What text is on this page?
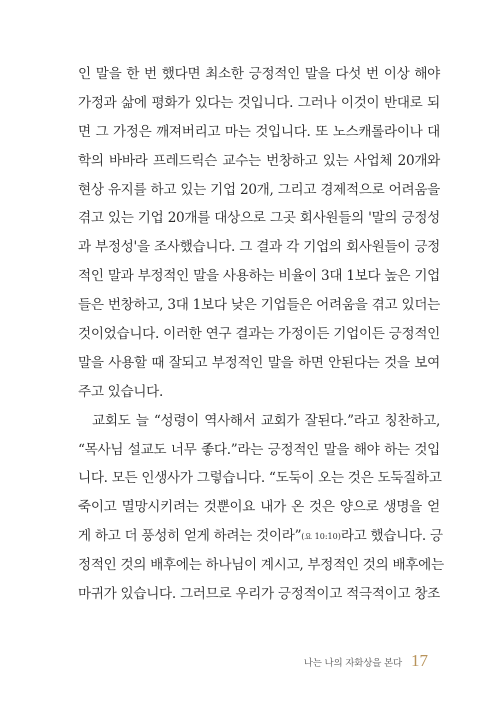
인 말을 한 번 했다면 최소한 긍정적인 말을 다섯 번 이상 해야
가정과 삶에 평화가 있다는 것입니다. 그러나 이것이 반대로 되
면 그 가정은 깨져버리고 마는 것입니다. 또 노스캐롤라이나 대
학의 바바라 프레드릭슨 교수는 번창하고 있는 사업체 20개와
현상 유지를 하고 있는 기업 20개, 그리고 경제적으로 어려움을
겪고 있는 기업 20개를 대상으로 그곳 회사원들의 '말의 긍정성
과 부정성'을 조사했습니다. 그 결과 각 기업의 회사원들이 긍정
적인 말과 부정적인 말을 사용하는 비율이 3대 1보다 높은 기업
들은 번창하고, 3대 1보다 낮은 기업들은 어려움을 겪고 있더는
것이었습니다. 이러한 연구 결과는 가정이든 기업이든 긍정적인
말을 사용할 때 잘되고 부정적인 말을 하면 안된다는 것을 보여
주고 있습니다.
교회도 늘 “성령이 역사해서 교회가 잘된다.”라고 칭찬하고,
“목사님 설교도 너무 좋다.”라는 긍정적인 말을 해야 하는 것입
니다. 모든 인생사가 그렇습니다. “도둑이 오는 것은 도둑질하고
죽이고 멸망시키려는 것뿐이요 내가 온 것은 양으로 생명을 얻
게 하고 더 풍성히 얻게 하려는 것이라”(요 10:10)라고 했습니다. 긍
정적인 것의 배후에는 하나님이 계시고, 부정적인 것의 배후에는
마귀가 있습니다. 그러므로 우리가 긍정적이고 적극적이고 창조
나는 나의 자화상을 본다 17
